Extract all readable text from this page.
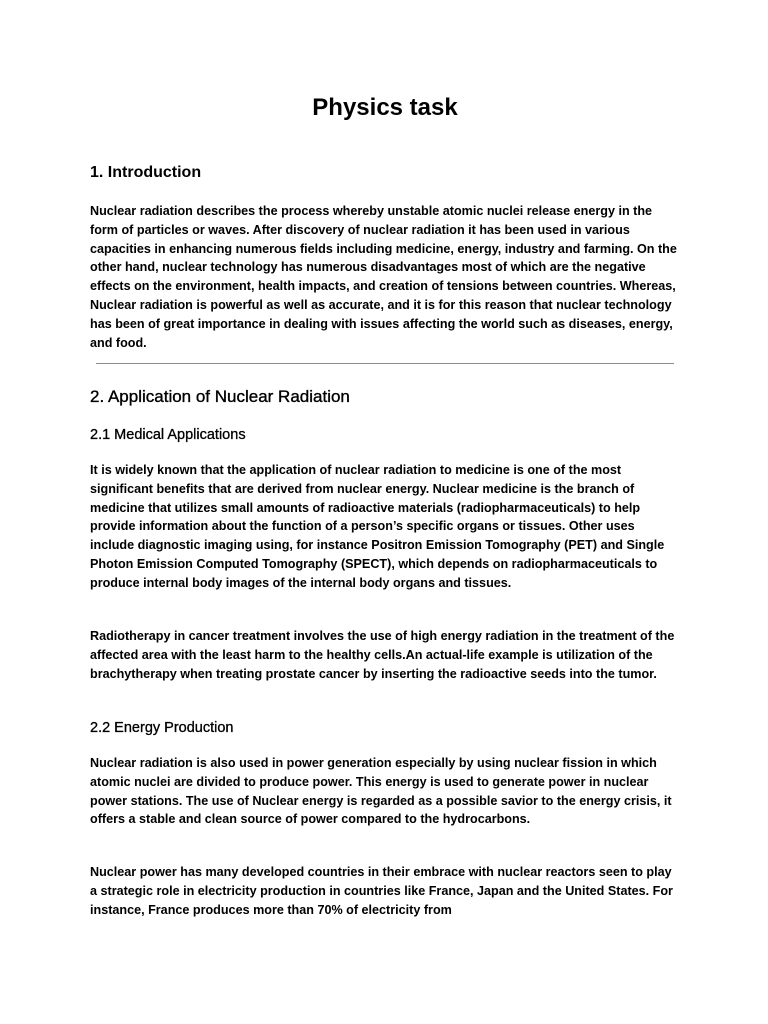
Physics task
1. Introduction

Nuclear radiation describes the process whereby unstable atomic nuclei release energy in the form of particles or waves. After discovery of nuclear radiation it has been used in various capacities in enhancing numerous fields including medicine, energy, industry and farming. On the other hand, nuclear technology has numerous disadvantages most of which are the negative effects on the environment, health impacts, and creation of tensions between countries. Whereas, Nuclear radiation is powerful as well as accurate, and it is for this reason that nuclear technology has been of great importance in dealing with issues affecting the world such as diseases, energy, and food.

2. Application of Nuclear Radiation
2.1 Medical Applications

It is widely known that the application of nuclear radiation to medicine is one of the most significant benefits that are derived from nuclear energy. Nuclear medicine is the branch of medicine that utilizes small amounts of radioactive materials (radiopharmaceuticals) to help provide information about the function of a person’s specific organs or tissues. Other uses include diagnostic imaging using, for instance Positron Emission Tomography (PET) and Single Photon Emission Computed Tomography (SPECT), which depends on radiopharmaceuticals to produce internal body images of the internal body organs and tissues.

Radiotherapy in cancer treatment involves the use of high energy radiation in the treatment of the affected area with the least harm to the healthy cells.An actual-life example is utilization of the brachytherapy when treating prostate cancer by inserting the radioactive seeds into the tumor.

2.2 Energy Production

Nuclear radiation is also used in power generation especially by using nuclear fission in which atomic nuclei are divided to produce power. This energy is used to generate power in nuclear power stations. The use of Nuclear energy is regarded as a possible savior to the energy crisis, it offers a stable and clean source of power compared to the hydrocarbons.

Nuclear power has many developed countries in their embrace with nuclear reactors seen to play a strategic role in electricity production in countries like France, Japan and the United States. For instance, France produces more than 70% of electricity from
